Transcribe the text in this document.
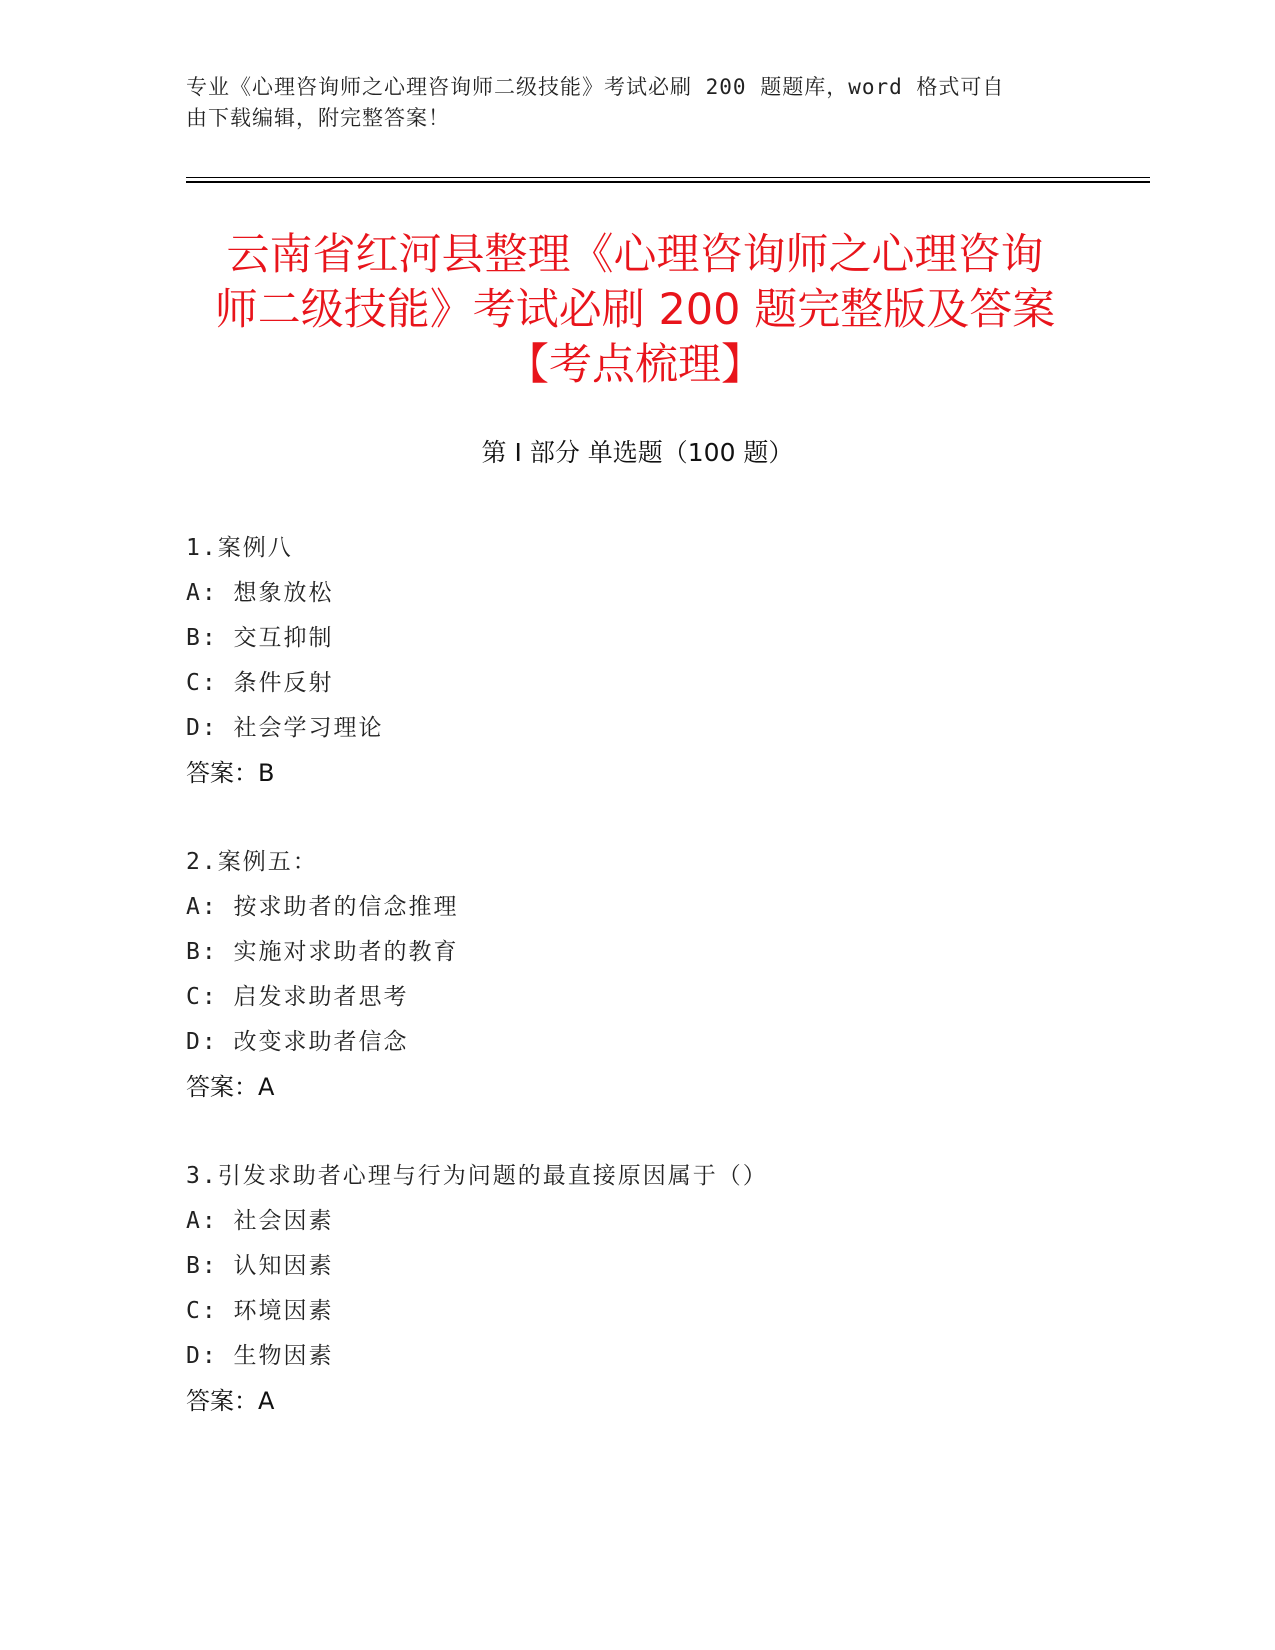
专业《心理咨询师之心理咨询师二级技能》考试必刷 200 题题库，word 格式可自
由下载编辑，附完整答案！
云南省红河县整理《心理咨询师之心理咨询
师二级技能》考试必刷 200 题完整版及答案
【考点梳理】
第 I 部分 单选题（100 题）
1.案例八
A: 想象放松
B: 交互抑制
C: 条件反射
D: 社会学习理论
答案：B
2.案例五：
A: 按求助者的信念推理
B: 实施对求助者的教育
C: 启发求助者思考
D: 改变求助者信念
答案：A
3.引发求助者心理与行为问题的最直接原因属于（）
A: 社会因素
B: 认知因素
C: 环境因素
D: 生物因素
答案：A
